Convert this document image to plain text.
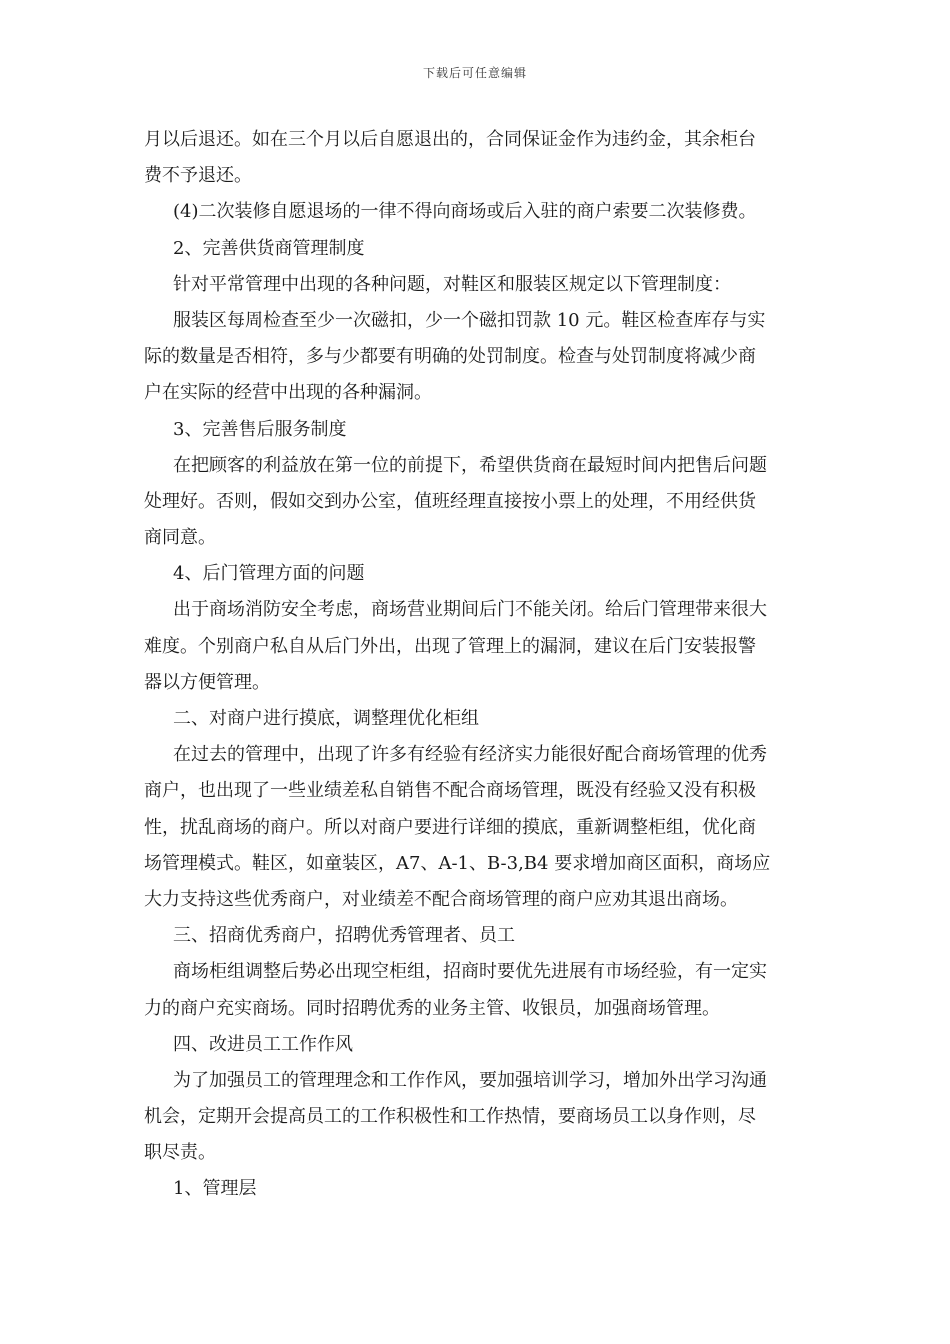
下载后可任意编辑
月以后退还。如在三个月以后自愿退出的，合同保证金作为违约金，其余柜台
费不予退还。
(4)二次装修自愿退场的一律不得向商场或后入驻的商户索要二次装修费。
2、完善供货商管理制度
针对平常管理中出现的各种问题，对鞋区和服装区规定以下管理制度：
服装区每周检查至少一次磁扣，少一个磁扣罚款 10 元。鞋区检查库存与实
际的数量是否相符，多与少都要有明确的处罚制度。检查与处罚制度将减少商
户在实际的经营中出现的各种漏洞。
3、完善售后服务制度
在把顾客的利益放在第一位的前提下，希望供货商在最短时间内把售后问题
处理好。否则，假如交到办公室，值班经理直接按小票上的处理，不用经供货
商同意。
4、后门管理方面的问题
出于商场消防安全考虑，商场营业期间后门不能关闭。给后门管理带来很大
难度。个别商户私自从后门外出，出现了管理上的漏洞，建议在后门安装报警
器以方便管理。
二、对商户进行摸底，调整理优化柜组
在过去的管理中，出现了许多有经验有经济实力能很好配合商场管理的优秀
商户，也出现了一些业绩差私自销售不配合商场管理，既没有经验又没有积极
性，扰乱商场的商户。所以对商户要进行详细的摸底，重新调整柜组，优化商
场管理模式。鞋区，如童装区，A7、A-1、B-3,B4 要求增加商区面积，商场应
大力支持这些优秀商户，对业绩差不配合商场管理的商户应劝其退出商场。
三、招商优秀商户，招聘优秀管理者、员工
商场柜组调整后势必出现空柜组，招商时要优先进展有市场经验，有一定实
力的商户充实商场。同时招聘优秀的业务主管、收银员，加强商场管理。
四、改进员工工作作风
为了加强员工的管理理念和工作作风，要加强培训学习，增加外出学习沟通
机会，定期开会提高员工的工作积极性和工作热情，要商场员工以身作则，尽
职尽责。
1、管理层
